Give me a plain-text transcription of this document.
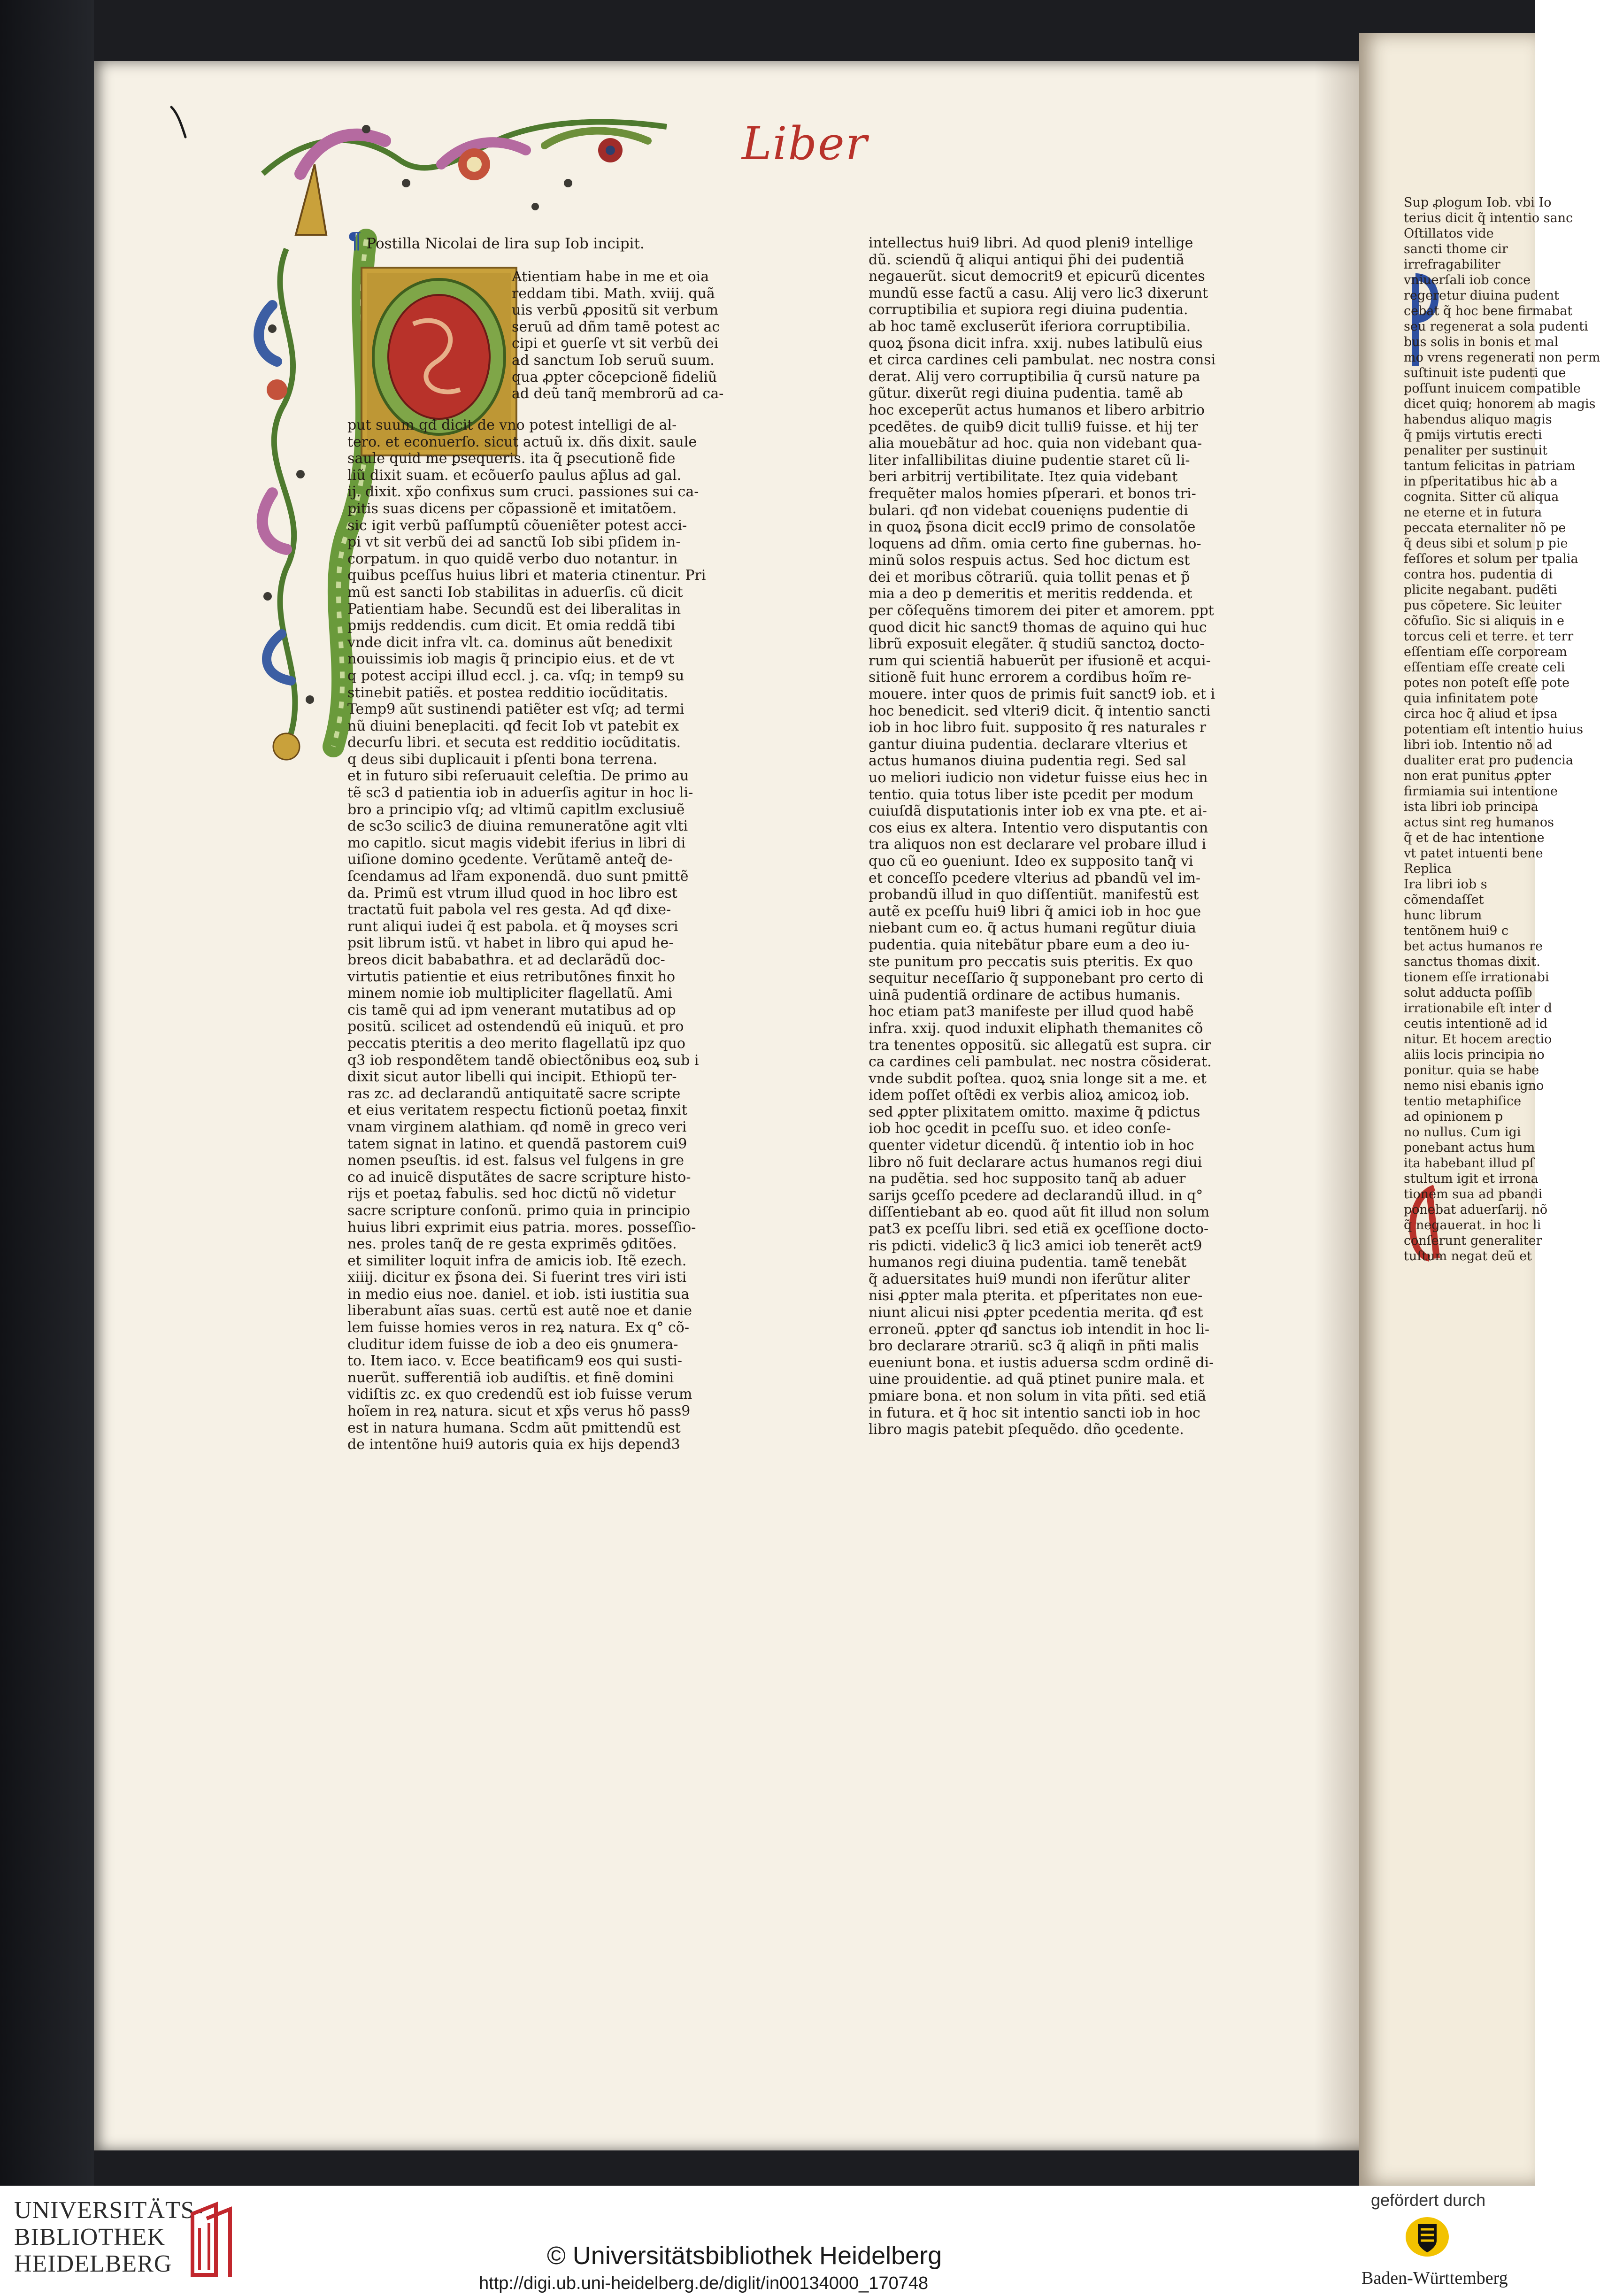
Liber
¶ Postilla Nicolai de lira sup Iob incipit.
Atientiam habe in me et oia
reddam tibi. Math. xviij. quã
uis verbũ ꝓpositũ sit verbum
seruũ ad dñm tamẽ potest ac
cipi et ꝯuerſe vt sit verbũ dei
ad sanctum Iob seruũ suum.
qua ꝓpter cõcepcionẽ fideliũ
ad deũ tanq̃ membrorũ ad ca-
put suum qđ dicit de vno potest intelligi de al-
tero. et econuerſo. sicut actuũ ix. dñs dixit. saule
saule quid me ꝑsequeris. ita q̃ ꝑsecutionẽ fide
liũ dixit suam. et ecõuerſo paulus ap̃lus ad gal.
ij. dixit. xp̃o confixus sum cruci. passiones sui ca-
pitis suas dicens per cõpassionẽ et imitatõem.
sic igit verbũ paſſumptũ cõueniẽter potest acci-
pi vt sit verbũ dei ad sanctũ Iob sibi pſidem in-
corpatum. in quo quidẽ verbo duo notantur. in
quibus pceſſus huius libri et materia ctinentur. Pri
mũ est sancti Iob stabilitas in aduerſis. cũ dicit
Patientiam habe. Secundũ est dei liberalitas in
pmijs reddendis. cum dicit. Et omia reddã tibi
vnde dicit infra vlt. ca. dominus aũt benedixit
nouissimis iob magis q̃ principio eius. et de vt
q potest accipi illud eccl. j. ca. vſq; in temp9 su
stinebit patiẽs. et postea redditio iocũditatis.
Temp9 aũt sustinendi patiẽter est vſq; ad termi
nũ diuini beneplaciti. qđ fecit Iob vt patebit ex
decurſu libri. et secuta est redditio iocũditatis.
q deus sibi duplicauit i pſenti bona terrena.
et in futuro sibi reſeruauit celeſtia. De primo au
tẽ sc3 d patientia iob in aduerſis agitur in hoc li-
bro a principio vſq; ad vltimũ capitlm exclusiuẽ
de sc3o scilic3 de diuina remuneratõne agit vlti
mo capitlo. sicut magis videbit iferius in libri di
uiſione domino ꝯcedente. Verũtamẽ anteq̃ de-
ſcendamus ad lr̃am exponendã. duo sunt pmittẽ
da. Primũ est vtrum illud quod in hoc libro est
tractatũ fuit pabola vel res gesta. Ad qđ dixe-
runt aliqui iudei q̃ est pabola. et q̃ moyses scri
psit librum istũ. vt habet in libro qui apud he-
breos dicit bababathra. et ad declarãdũ doc-
virtutis patientie et eius retributõnes finxit ho
minem nomie iob multipliciter flagellatũ. Ami
cis tamẽ qui ad ipm venerant mutatibus ad op
positũ. scilicet ad ostendendũ eũ iniquũ. et pro
peccatis pteritis a deo merito flagellatũ ipz quo
q3 iob respondẽtem tandẽ obiectõnibus eoꝝ sub i
dixit sicut autor libelli qui incipit. Ethiopũ ter-
ras zc. ad declarandũ antiquitatẽ sacre scripte
et eius veritatem respectu fictionũ poetaꝝ finxit
vnam virginem alathiam. qđ nomẽ in greco veri
tatem signat in latino. et quendã pastorem cui9
nomen pseuſtis. id est. falsus vel fulgens in gre
co ad inuicẽ disputãtes de sacre scripture histo-
rijs et poetaꝝ fabulis. sed hoc dictũ nõ videtur
sacre scripture conſonũ. primo quia in principio
huius libri exprimit eius patria. mores. posseſſio-
nes. proles tanq̃ de re gesta exprimẽs ꝯditões.
et similiter loquit infra de amicis iob. Itẽ ezech.
xiiij. dicitur ex p̃sona dei. Si fuerint tres viri isti
in medio eius noe. daniel. et iob. isti iustitia sua
liberabunt aĩas suas. certũ est autẽ noe et danie
lem fuisse homies veros in reꝝ natura. Ex q° cõ-
cluditur idem fuisse de iob a deo eis ꝯnumera-
to. Item iaco. v. Ecce beatificam9 eos qui susti-
nuerũt. sufferentiã iob audiſtis. et finẽ domini
vidiſtis zc. ex quo credendũ est iob fuisse verum
hoĩem in reꝝ natura. sicut et xp̃s verus hõ pass9
est in natura humana. Scdm aũt pmittendũ est
de intentõne hui9 autoris quia ex hijs depend3
intellectus hui9 libri. Ad quod pleni9 intellige
dũ. sciendũ q̃ aliqui antiqui p̃hi dei pudentiã
negauerũt. sicut democrit9 et epicurũ dicentes
mundũ esse factũ a casu. Alij vero lic3 dixerunt
corruptibilia et supiora regi diuina pudentia.
ab hoc tamẽ excluserũt iferiora corruptibilia.
quoꝝ p̃sona dicit infra. xxij. nubes latibulũ eius
et circa cardines celi pambulat. nec nostra consi
derat. Alij vero corruptibilia q̃ cursũ nature pa
gũtur. dixerũt regi diuina pudentia. tamẽ ab
hoc exceperũt actus humanos et libero arbitrio
pcedẽtes. de quib9 dicit tulli9 fuisse. et hij ter
alia mouebãtur ad hoc. quia non videbant qua-
liter infallibilitas diuine pudentie staret cũ li-
beri arbitrij vertibilitate. Itez quia videbant
frequẽter malos homies pſperari. et bonos tri-
bulari. qđ non videbat couenięns pudentie di
in quoꝝ p̃sona dicit eccl9 primo de consolatõe
loquens ad dñm. omia certo fine gubernas. ho-
minũ solos respuis actus. Sed hoc dictum est
dei et moribus cõtrariũ. quia tollit penas et p̃
mia a deo p demeritis et meritis reddenda. et
per cõſequẽns timorem dei piter et amorem. ppt
quod dicit hic sanct9 thomas de aquino qui huc
librũ exposuit elegãter. q̃ studiũ sanctoꝝ docto-
rum qui scientiã habuerũt per ifusionẽ et acqui-
sitionẽ fuit hunc errorem a cordibus hoĩm re-
mouere. inter quos de primis fuit sanct9 iob. et i
hoc benedicit. sed vlteri9 dicit. q̃ intentio sancti
iob in hoc libro fuit. supposito q̃ res naturales r
gantur diuina pudentia. declarare vlterius et
actus humanos diuina pudentia regi. Sed sal
uo meliori iudicio non videtur fuisse eius hec in
tentio. quia totus liber iste pcedit per modum
cuiuſdã disputationis inter iob ex vna pte. et ai-
cos eius ex altera. Intentio vero disputantis con
tra aliquos non est declarare vel probare illud i
quo cũ eo ꝯueniunt. Ideo ex supposito tanq̃ vi
et conceſſo pcedere vlterius ad pbandũ vel im-
probandũ illud in quo diſſentiũt. manifestũ est
autẽ ex pceſſu hui9 libri q̃ amici iob in hoc ꝯue
niebant cum eo. q̃ actus humani regũtur diuia
pudentia. quia nitebãtur pbare eum a deo iu-
ste punitum pro peccatis suis pteritis. Ex quo
sequitur neceſſario q̃ supponebant pro certo di
uinã pudentiã ordinare de actibus humanis.
hoc etiam pat3 manifeste per illud quod habẽ
infra. xxij. quod induxit eliphath themanites cõ
tra tenentes oppositũ. sic allegatũ est supra. cir
ca cardines celi pambulat. nec nostra cõsiderat.
vnde subdit poſtea. quoꝝ snia longe sit a me. et
idem poſſet oſtẽdi ex verbis alioꝝ amicoꝝ iob.
sed ꝓpter plixitatem omitto. maxime q̃ pdictus
iob hoc ꝯcedit in pceſſu suo. et ideo conſe-
quenter videtur dicendũ. q̃ intentio iob in hoc
libro nõ fuit declarare actus humanos regi diui
na pudẽtia. sed hoc supposito tanq̃ ab aduer
sarijs ꝯceſſo pcedere ad declarandũ illud. in q°
diſſentiebant ab eo. quod aũt fit illud non solum
pat3 ex pceſſu libri. sed etiã ex ꝯceſſione docto-
ris pdicti. videlic3 q̃ lic3 amici iob tenerẽt act9
humanos regi diuina pudentia. tamẽ tenebãt
q̃ aduersitates hui9 mundi non iferũtur aliter
nisi ꝓpter mala pterita. et pſperitates non eue-
niunt alicui nisi ꝓpter pcedentia merita. qđ est
erroneũ. ꝓpter qđ sanctus iob intendit in hoc li-
bro declarare ɔtrariũ. sc3 q̃ aliqñ in pñti malis
eueniunt bona. et iustis aduersa scdm ordinẽ di-
uine prouidentie. ad quã ptinet punire mala. et
pmiare bona. et non solum in vita pñti. sed etiã
in futura. et q̃ hoc sit intentio sancti iob in hoc
libro magis patebit pſequẽdo. dño ꝯcedente.
Sup ꝓlogum Iob. vbi Io
terius dicit q̃ intentio sanc
Oſtillatos vide
sancti thome cir
irrefragabiliter
vniuerſali iob conce
regeretur diuina pudent
cebat q̃ hoc bene firmabat
seu regenerat a sola pudenti
bus solis in bonis et mal
mo vrens regenerati non perm
suſtinuit iste pudenti que
poſſunt inuicem compatible
dicet quiq; honorem ab magis
habendus aliquo magis
q̃ pmijs virtutis erecti
penaliter per sustinuit
tantum felicitas in patriam
in pſperitatibus hic ab a
cognita. Sitter cũ aliqua
ne eterne et in futura
peccata eternaliter nõ pe
q̃ deus sibi et solum p pie
feſſores et solum per tpalia
contra hos. pudentia di
plicite negabant. pudẽti
pus cõpetere. Sic leuiter
cõfuſio. Sic si aliquis in e
torcus celi et terre. et terr
eſſentiam eſſe corpoream
eſſentiam eſſe create celi
potes non poteſt eſſe pote
quia infinitatem pote
circa hoc q̃ aliud et ipsa
potentiam eſt intentio huius
libri iob. Intentio nõ ad
dualiter erat pro pudencia
non erat punitus ꝓpter
firmiamia sui intentione
ista libri iob principa
actus sint reg humanos
q̃ et de hac intentione
vt patet intuenti bene
Replica
Ira libri iob s
cõmendaſſet
hunc librum
tentõnem hui9 c
bet actus humanos re
sanctus thomas dixit.
tionem eſſe irrationabi
solut adducta poſſib
irrationabile eſt inter d
ceutis intentionẽ ad id
nitur. Et hocem arectio
aliis locis principia no
ponitur. quia se habe
nemo nisi ebanis igno
tentio metaphiſice
ad opinionem p
no nullus. Cum igi
ponebant actus hum
ita habebant illud pſ
stultum igit et irrona
tionem sua ad pbandi
ponebat aduerſarij. nõ
q̃ negauerat. in hoc li
conſerunt generaliter
tuſtum negat deũ et
UNIVERSITÄTS-
BIBLIOTHEK
HEIDELBERG	© Universitätsbibliothek Heidelberg
http://digi.ub.uni-heidelberg.de/diglit/in00134000_170748
gefördert durch
Baden-Württemberg
